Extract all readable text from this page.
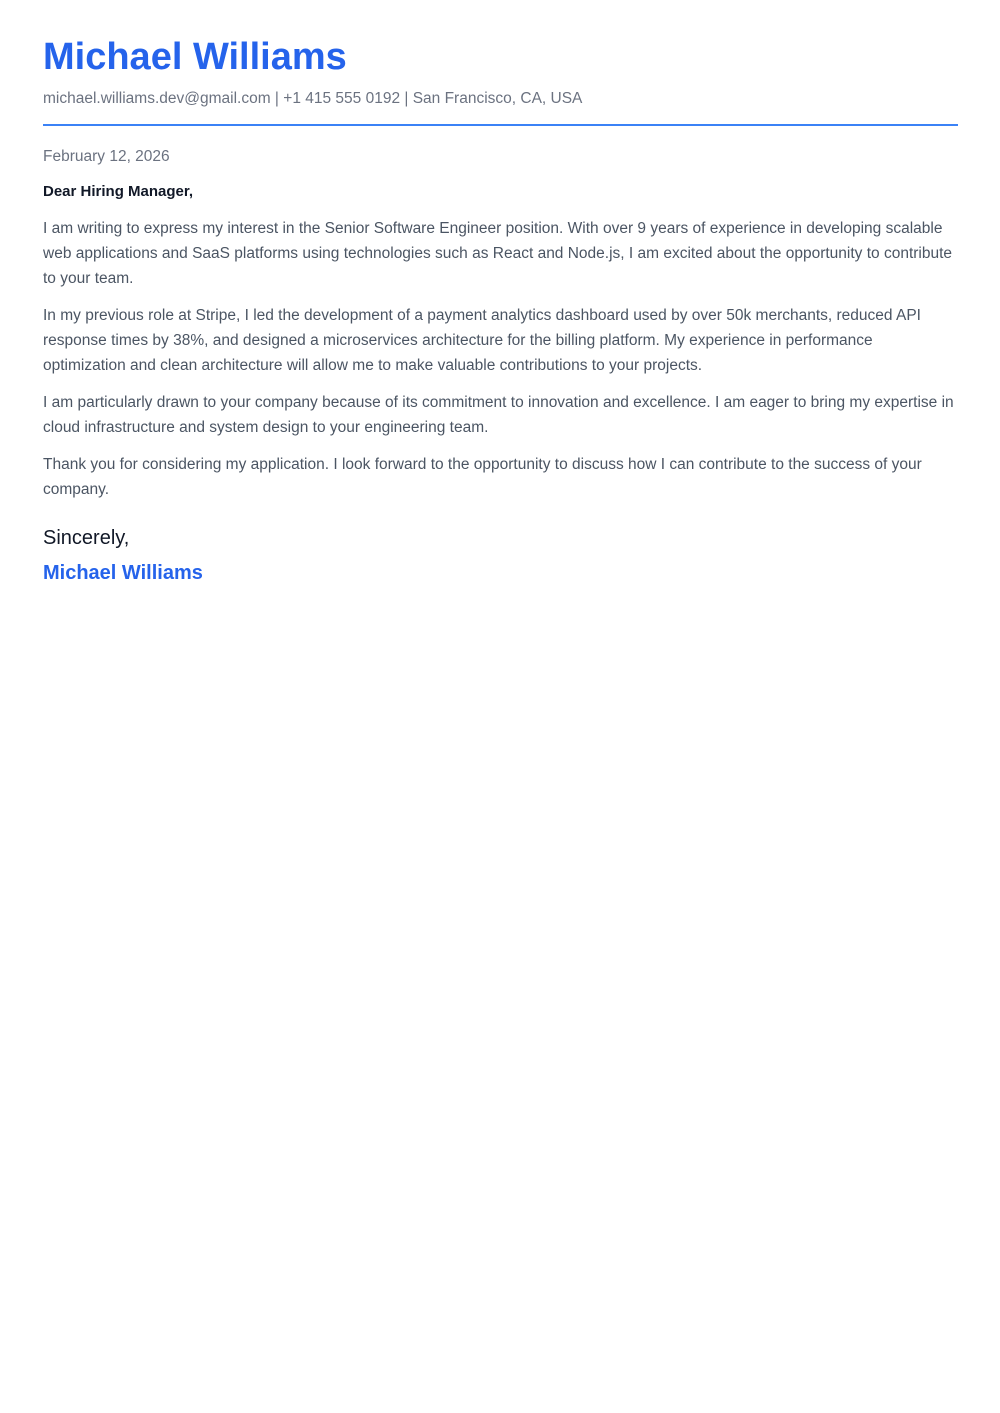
Michael Williams
michael.williams.dev@gmail.com | +1 415 555 0192 | San Francisco, CA, USA
February 12, 2026
Dear Hiring Manager,

I am writing to express my interest in the Senior Software Engineer position. With over 9 years of experience in developing scalable web applications and SaaS platforms using technologies such as React and Node.js, I am excited about the opportunity to contribute to your team.

In my previous role at Stripe, I led the development of a payment analytics dashboard used by over 50k merchants, reduced API response times by 38%, and designed a microservices architecture for the billing platform. My experience in performance optimization and clean architecture will allow me to make valuable contributions to your projects.

I am particularly drawn to your company because of its commitment to innovation and excellence. I am eager to bring my expertise in cloud infrastructure and system design to your engineering team.

Thank you for considering my application. I look forward to the opportunity to discuss how I can contribute to the success of your company.

Sincerely,
Michael Williams
